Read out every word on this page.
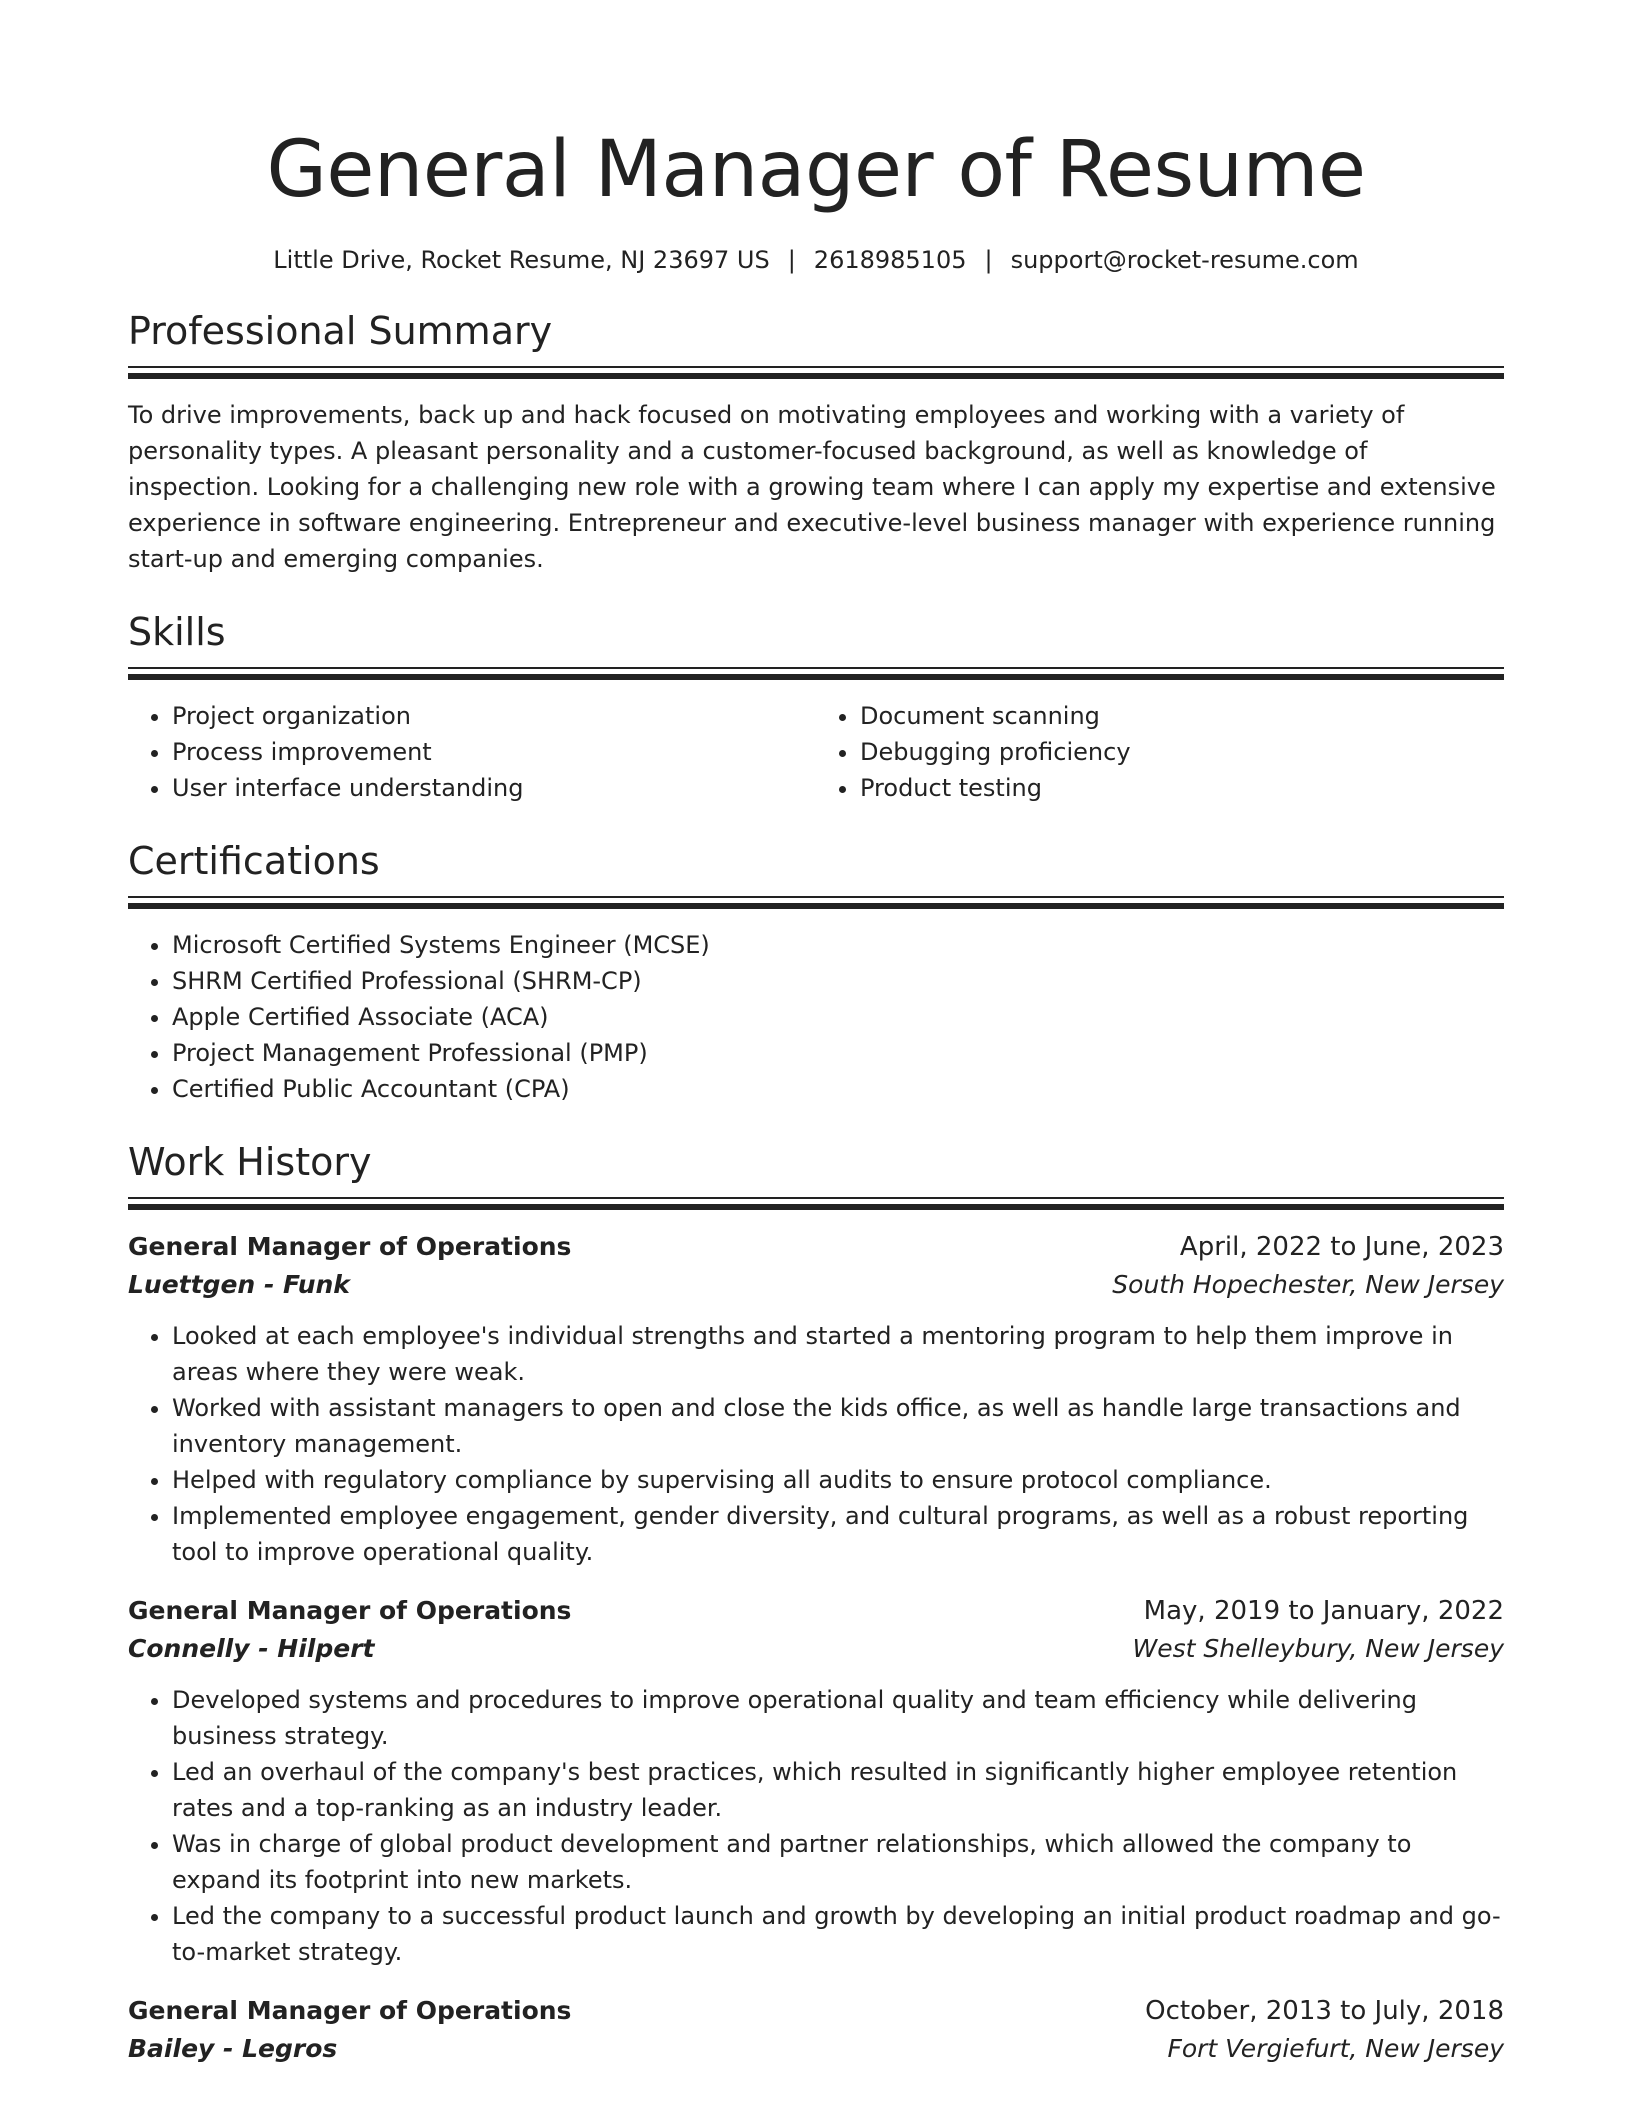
General Manager of Resume
Little Drive, Rocket Resume, NJ 23697 US | 2618985105 | support@rocket-resume.com
Professional Summary

To drive improvements, back up and hack focused on motivating employees and working with a variety of personality types. A pleasant personality and a customer-focused background, as well as knowledge of inspection. Looking for a challenging new role with a growing team where I can apply my expertise and extensive experience in software engineering. Entrepreneur and executive-level business manager with experience running start-up and emerging companies.

Skills
• Project organization
• Process improvement
• User interface understanding
• Document scanning
• Debugging proficiency
• Product testing
Certifications
• Microsoft Certified Systems Engineer (MCSE)
• SHRM Certified Professional (SHRM-CP)
• Apple Certified Associate (ACA)
• Project Management Professional (PMP)
• Certified Public Accountant (CPA)
Work History
General Manager of Operations	April, 2022 to June, 2023
Luettgen - Funk	South Hopechester, New Jersey
• Looked at each employee's individual strengths and started a mentoring program to help them improve in areas where they were weak.
• Worked with assistant managers to open and close the kids office, as well as handle large transactions and inventory management.
• Helped with regulatory compliance by supervising all audits to ensure protocol compliance.
• Implemented employee engagement, gender diversity, and cultural programs, as well as a robust reporting tool to improve operational quality.
General Manager of Operations	May, 2019 to January, 2022
Connelly - Hilpert	West Shelleybury, New Jersey
• Developed systems and procedures to improve operational quality and team efficiency while delivering business strategy.
• Led an overhaul of the company's best practices, which resulted in significantly higher employee retention rates and a top-ranking as an industry leader.
• Was in charge of global product development and partner relationships, which allowed the company to expand its footprint into new markets.
• Led the company to a successful product launch and growth by developing an initial product roadmap and go-to-market strategy.
General Manager of Operations	October, 2013 to July, 2018
Bailey - Legros	Fort Vergiefurt, New Jersey
